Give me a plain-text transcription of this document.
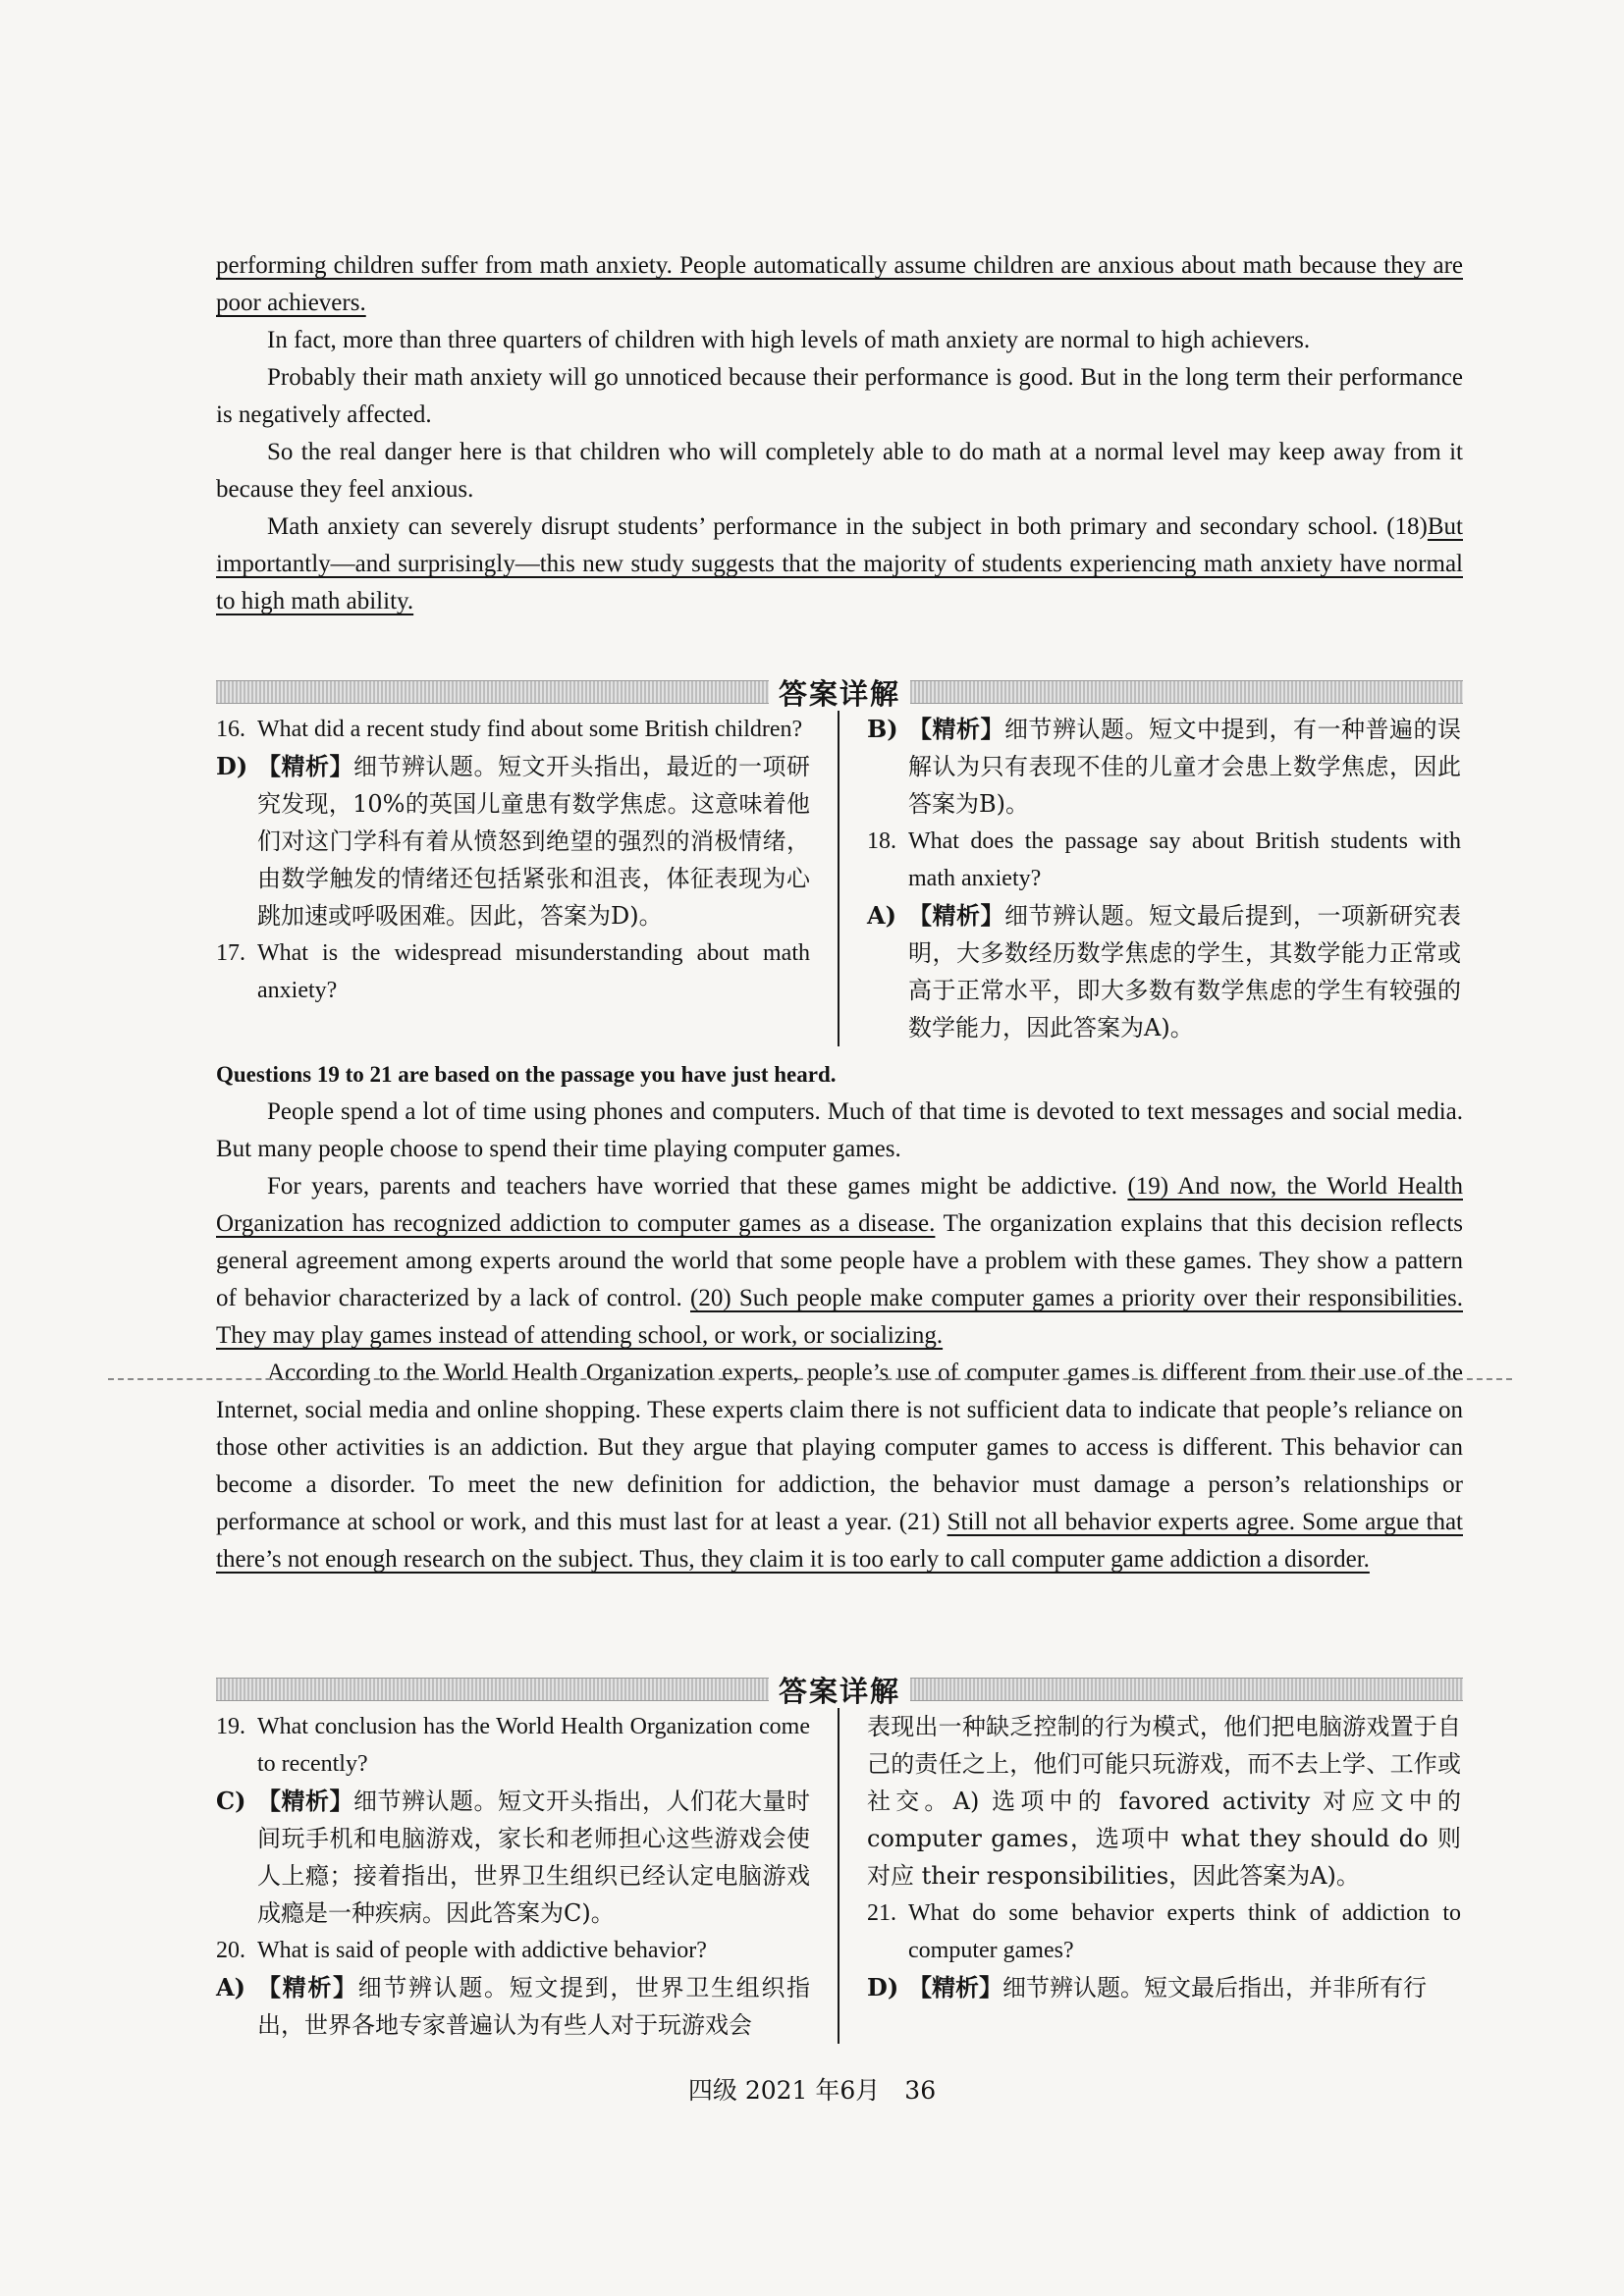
performing children suffer from math anxiety. People automatically assume children are anxious about math because they are poor achievers.

In fact, more than three quarters of children with high levels of math anxiety are normal to high achievers.

Probably their math anxiety will go unnoticed because their performance is good. But in the long term their performance is negatively affected.

So the real danger here is that children who will completely able to do math at a normal level may keep away from it because they feel anxious.

Math anxiety can severely disrupt students’ performance in the subject in both primary and secondary school. (18)But importantly—and surprisingly—this new study suggests that the majority of students experiencing math anxiety have normal to high math ability.

答案详解
16. What did a recent study find about some British children?
D) 【精析】细节辨认题。短文开头指出，最近的一项研究发现，10%的英国儿童患有数学焦虑。这意味着他们对这门学科有着从愤怒到绝望的强烈的消极情绪，由数学触发的情绪还包括紧张和沮丧，体征表现为心跳加速或呼吸困难。因此，答案为D)。
17. What is the widespread misunderstanding about math anxiety?
B) 【精析】细节辨认题。短文中提到，有一种普遍的误解认为只有表现不佳的儿童才会患上数学焦虑，因此答案为B)。
18. What does the passage say about British students with math anxiety?
A) 【精析】细节辨认题。短文最后提到，一项新研究表明，大多数经历数学焦虑的学生，其数学能力正常或高于正常水平，即大多数有数学焦虑的学生有较强的数学能力，因此答案为A)。
Questions 19 to 21 are based on the passage you have just heard.

People spend a lot of time using phones and computers. Much of that time is devoted to text messages and social media. But many people choose to spend their time playing computer games.

For years, parents and teachers have worried that these games might be addictive. (19) And now, the World Health Organization has recognized addiction to computer games as a disease. The organization explains that this decision reflects general agreement among experts around the world that some people have a problem with these games. They show a pattern of behavior characterized by a lack of control. (20) Such people make computer games a priority over their responsibilities. They may play games instead of attending school, or work, or socializing.

According to the World Health Organization experts, people’s use of computer games is different from their use of the Internet, social media and online shopping. These experts claim there is not sufficient data to indicate that people’s reliance on those other activities is an addiction. But they argue that playing computer games to access is different. This behavior can become a disorder. To meet the new definition for addiction, the behavior must damage a person’s relationships or performance at school or work, and this must last for at least a year. (21) Still not all behavior experts agree. Some argue that there’s not enough research on the subject. Thus, they claim it is too early to call computer game addiction a disorder.

答案详解
19. What conclusion has the World Health Organization come to recently?
C) 【精析】细节辨认题。短文开头指出，人们花大量时间玩手机和电脑游戏，家长和老师担心这些游戏会使人上瘾；接着指出，世界卫生组织已经认定电脑游戏成瘾是一种疾病。因此答案为C)。
20. What is said of people with addictive behavior?
A) 【精析】细节辨认题。短文提到，世界卫生组织指出，世界各地专家普遍认为有些人对于玩游戏会
表现出一种缺乏控制的行为模式，他们把电脑游戏置于自己的责任之上，他们可能只玩游戏，而不去上学、工作或社交。A) 选项中的 favored activity 对应文中的 computer games，选项中 what they should do 则对应 their responsibilities，因此答案为A)。
21. What do some behavior experts think of addiction to computer games?
D) 【精析】细节辨认题。短文最后指出，并非所有行
四级 2021 年6月　36
